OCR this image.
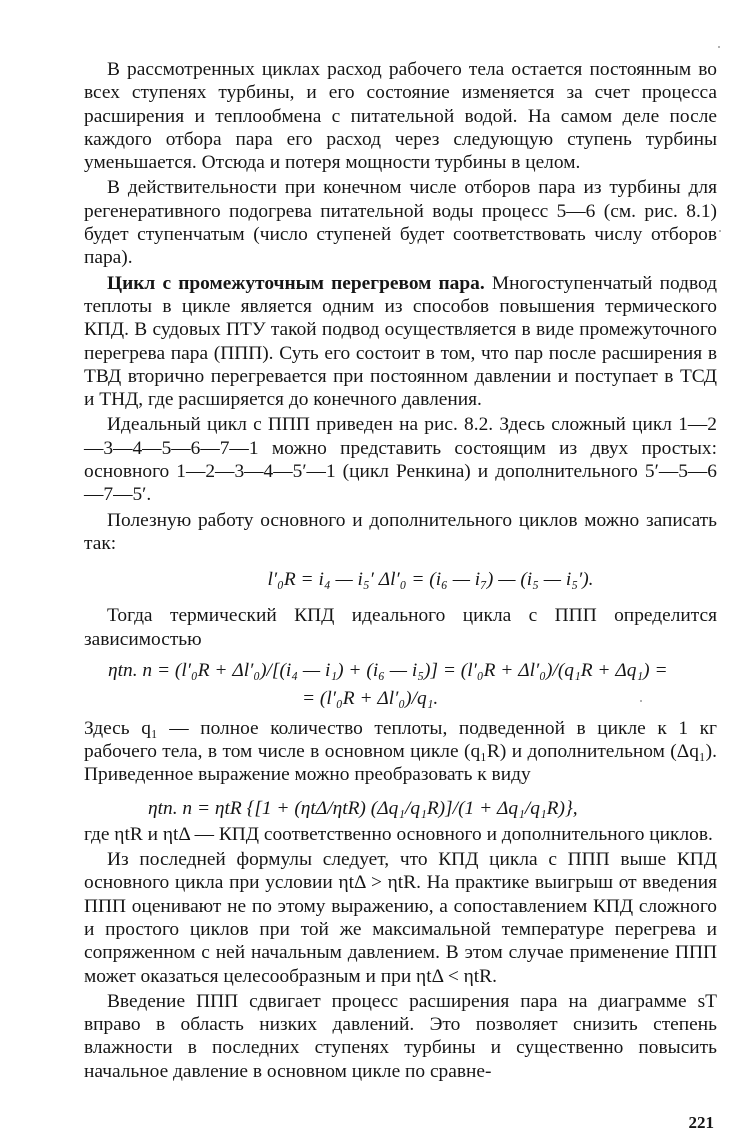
В рассмотренных циклах расход рабочего тела остается постоянным во всех ступенях турбины, и его состояние изменяется за счет процесса расширения и теплообмена с питательной водой. На самом деле после каждого отбора пара его расход через следующую ступень турбины уменьшается. Отсюда и потеря мощности турбины в целом.

В действительности при конечном числе отборов пара из турбины для регенеративного подогрева питательной воды процесс 5—6 (см. рис. 8.1) будет ступенчатым (число ступеней будет соответствовать числу отборов пара).

Цикл с промежуточным перегревом пара. Многоступенчатый подвод теплоты в цикле является одним из способов повышения термического КПД. В судовых ПТУ такой подвод осуществляется в виде промежуточного перегрева пара (ППП). Суть его состоит в том, что пар после расширения в ТВД вторично перегревается при постоянном давлении и поступает в ТСД и ТНД, где расширяется до конечного давления.

Идеальный цикл с ППП приведен на рис. 8.2. Здесь сложный цикл 1—2—3—4—5—6—7—1 можно представить состоящим из двух простых: основного 1—2—3—4—5′—1 (цикл Ренкина) и дополнительного 5′—5—6—7—5′.

Полезную работу основного и дополнительного циклов можно записать так:

l′₀R = i₄ — i₅′ Δl′₀ = (i₆ — i₇) — (i₅ — i₅′).

Тогда термический КПД идеального цикла с ППП определится зависимостью

ηtп. п = (l′₀R + Δl′₀)/[(i₄ — i₁) + (i₆ — i₅)] = (l′₀R + Δl′₀)/(q₁R + Δq₁) =

= (l′₀R + Δl′₀)/q₁.

Здесь q₁ — полное количество теплоты, подведенной в цикле к 1 кг рабочего тела, в том числе в основном цикле (q₁R) и дополнительном (Δq₁). Приведенное выражение можно преобразовать к виду

ηtп. п = ηtR {[1 + (ηtΔ/ηtR) (Δq₁/q₁R)]/(1 + Δq₁/q₁R)},

где ηtR и ηtΔ — КПД соответственно основного и дополнительного циклов.

Из последней формулы следует, что КПД цикла с ППП выше КПД основного цикла при условии ηtΔ > ηtR. На практике выигрыш от введения ППП оценивают не по этому выражению, а сопоставлением КПД сложного и простого циклов при той же максимальной температуре перегрева и сопряженном с ней начальным давлением. В этом случае применение ППП может оказаться целесообразным и при ηtΔ < ηtR.

Введение ППП сдвигает процесс расширения пара на диаграмме sT вправо в область низких давлений. Это позволяет снизить степень влажности в последних ступенях турбины и существенно повысить начальное давление в основном цикле по сравне-

221
